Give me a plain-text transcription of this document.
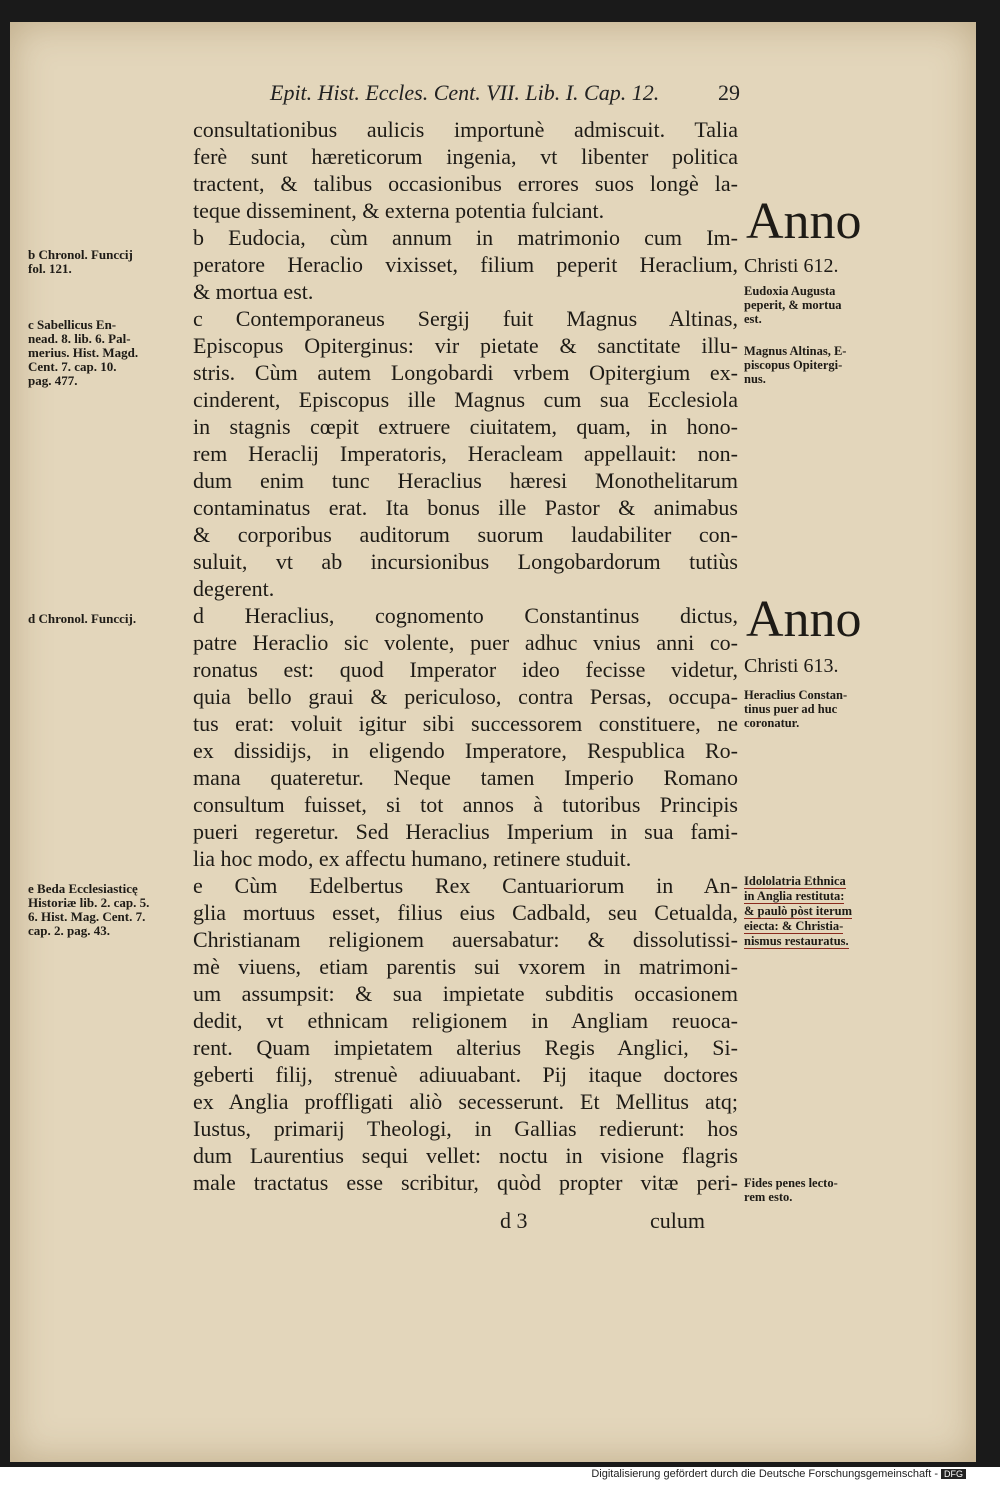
Epit. Hist. Eccles. Cent. VII. Lib. I. Cap. 12.	29
consultationibus aulicis importunè admiscuit. Talia
ferè sunt hæreticorum ingenia, vt libenter politica
tractent, & talibus occasionibus errores suos longè la-
teque disseminent, & externa potentia fulciant.
b Eudocia, cùm annum in matrimonio cum Im-
peratore Heraclio vixisset, filium peperit Heraclium,
& mortua est.
c Contemporaneus Sergij fuit Magnus Altinas,
Episcopus Opiterginus: vir pietate & sanctitate illu-
stris. Cùm autem Longobardi vrbem Opitergium ex-
cinderent, Episcopus ille Magnus cum sua Ecclesiola
in stagnis cœpit extruere ciuitatem, quam, in hono-
rem Heraclij Imperatoris, Heracleam appellauit: non-
dum enim tunc Heraclius hæresi Monothelitarum
contaminatus erat. Ita bonus ille Pastor & animabus
& corporibus auditorum suorum laudabiliter con-
suluit, vt ab incursionibus Longobardorum tutiùs
degerent.
d Heraclius, cognomento Constantinus dictus,
patre Heraclio sic volente, puer adhuc vnius anni co-
ronatus est: quod Imperator ideo fecisse videtur,
quia bello graui & periculoso, contra Persas, occupa-
tus erat: voluit igitur sibi successorem constituere, ne
ex dissidijs, in eligendo Imperatore, Respublica Ro-
mana quateretur. Neque tamen Imperio Romano
consultum fuisset, si tot annos à tutoribus Principis
pueri regeretur. Sed Heraclius Imperium in sua fami-
lia hoc modo, ex affectu humano, retinere studuit.
e Cùm Edelbertus Rex Cantuariorum in An-
glia mortuus esset, filius eius Cadbald, seu Cetualda,
Christianam religionem auersabatur: & dissolutissi-
mè viuens, etiam parentis sui vxorem in matrimoni-
um assumpsit: & sua impietate subditis occasionem
dedit, vt ethnicam religionem in Angliam reuoca-
rent. Quam impietatem alterius Regis Anglici, Si-
geberti filij, strenuè adiuuabant. Pij itaque doctores
ex Anglia proffligati aliò secesserunt. Et Mellitus atq;
Iustus, primarij Theologi, in Gallias redierunt: hos
dum Laurentius sequi vellet: noctu in visione flagris
male tractatus esse scribitur, quòd propter vitæ peri-
b Chronol. Funccij
fol. 121.
c Sabellicus En-
nead. 8. lib. 6. Pal-
merius. Hist. Magd.
Cent. 7. cap. 10.
pag. 477.
d Chronol. Funccij.
e Beda Ecclesiasticę
Historiæ lib. 2. cap. 5.
6. Hist. Mag. Cent. 7.
cap. 2. pag. 43.
Anno
Christi 612.
Eudoxia Augusta
peperit, & mortua
est.
Magnus Altinas, E-
piscopus Opitergi-
nus.
Anno
Christi 613.
Heraclius Constan-
tinus puer ad huc
coronatur.
Idololatria Ethnica
in Anglia restituta:
& paulò pòst iterum
eiecta: & Christia-
nismus restauratus.
Fides penes lecto-
rem esto.
d 3	culum
Digitalisierung gefördert durch die Deutsche Forschungsgemeinschaft - DFG
